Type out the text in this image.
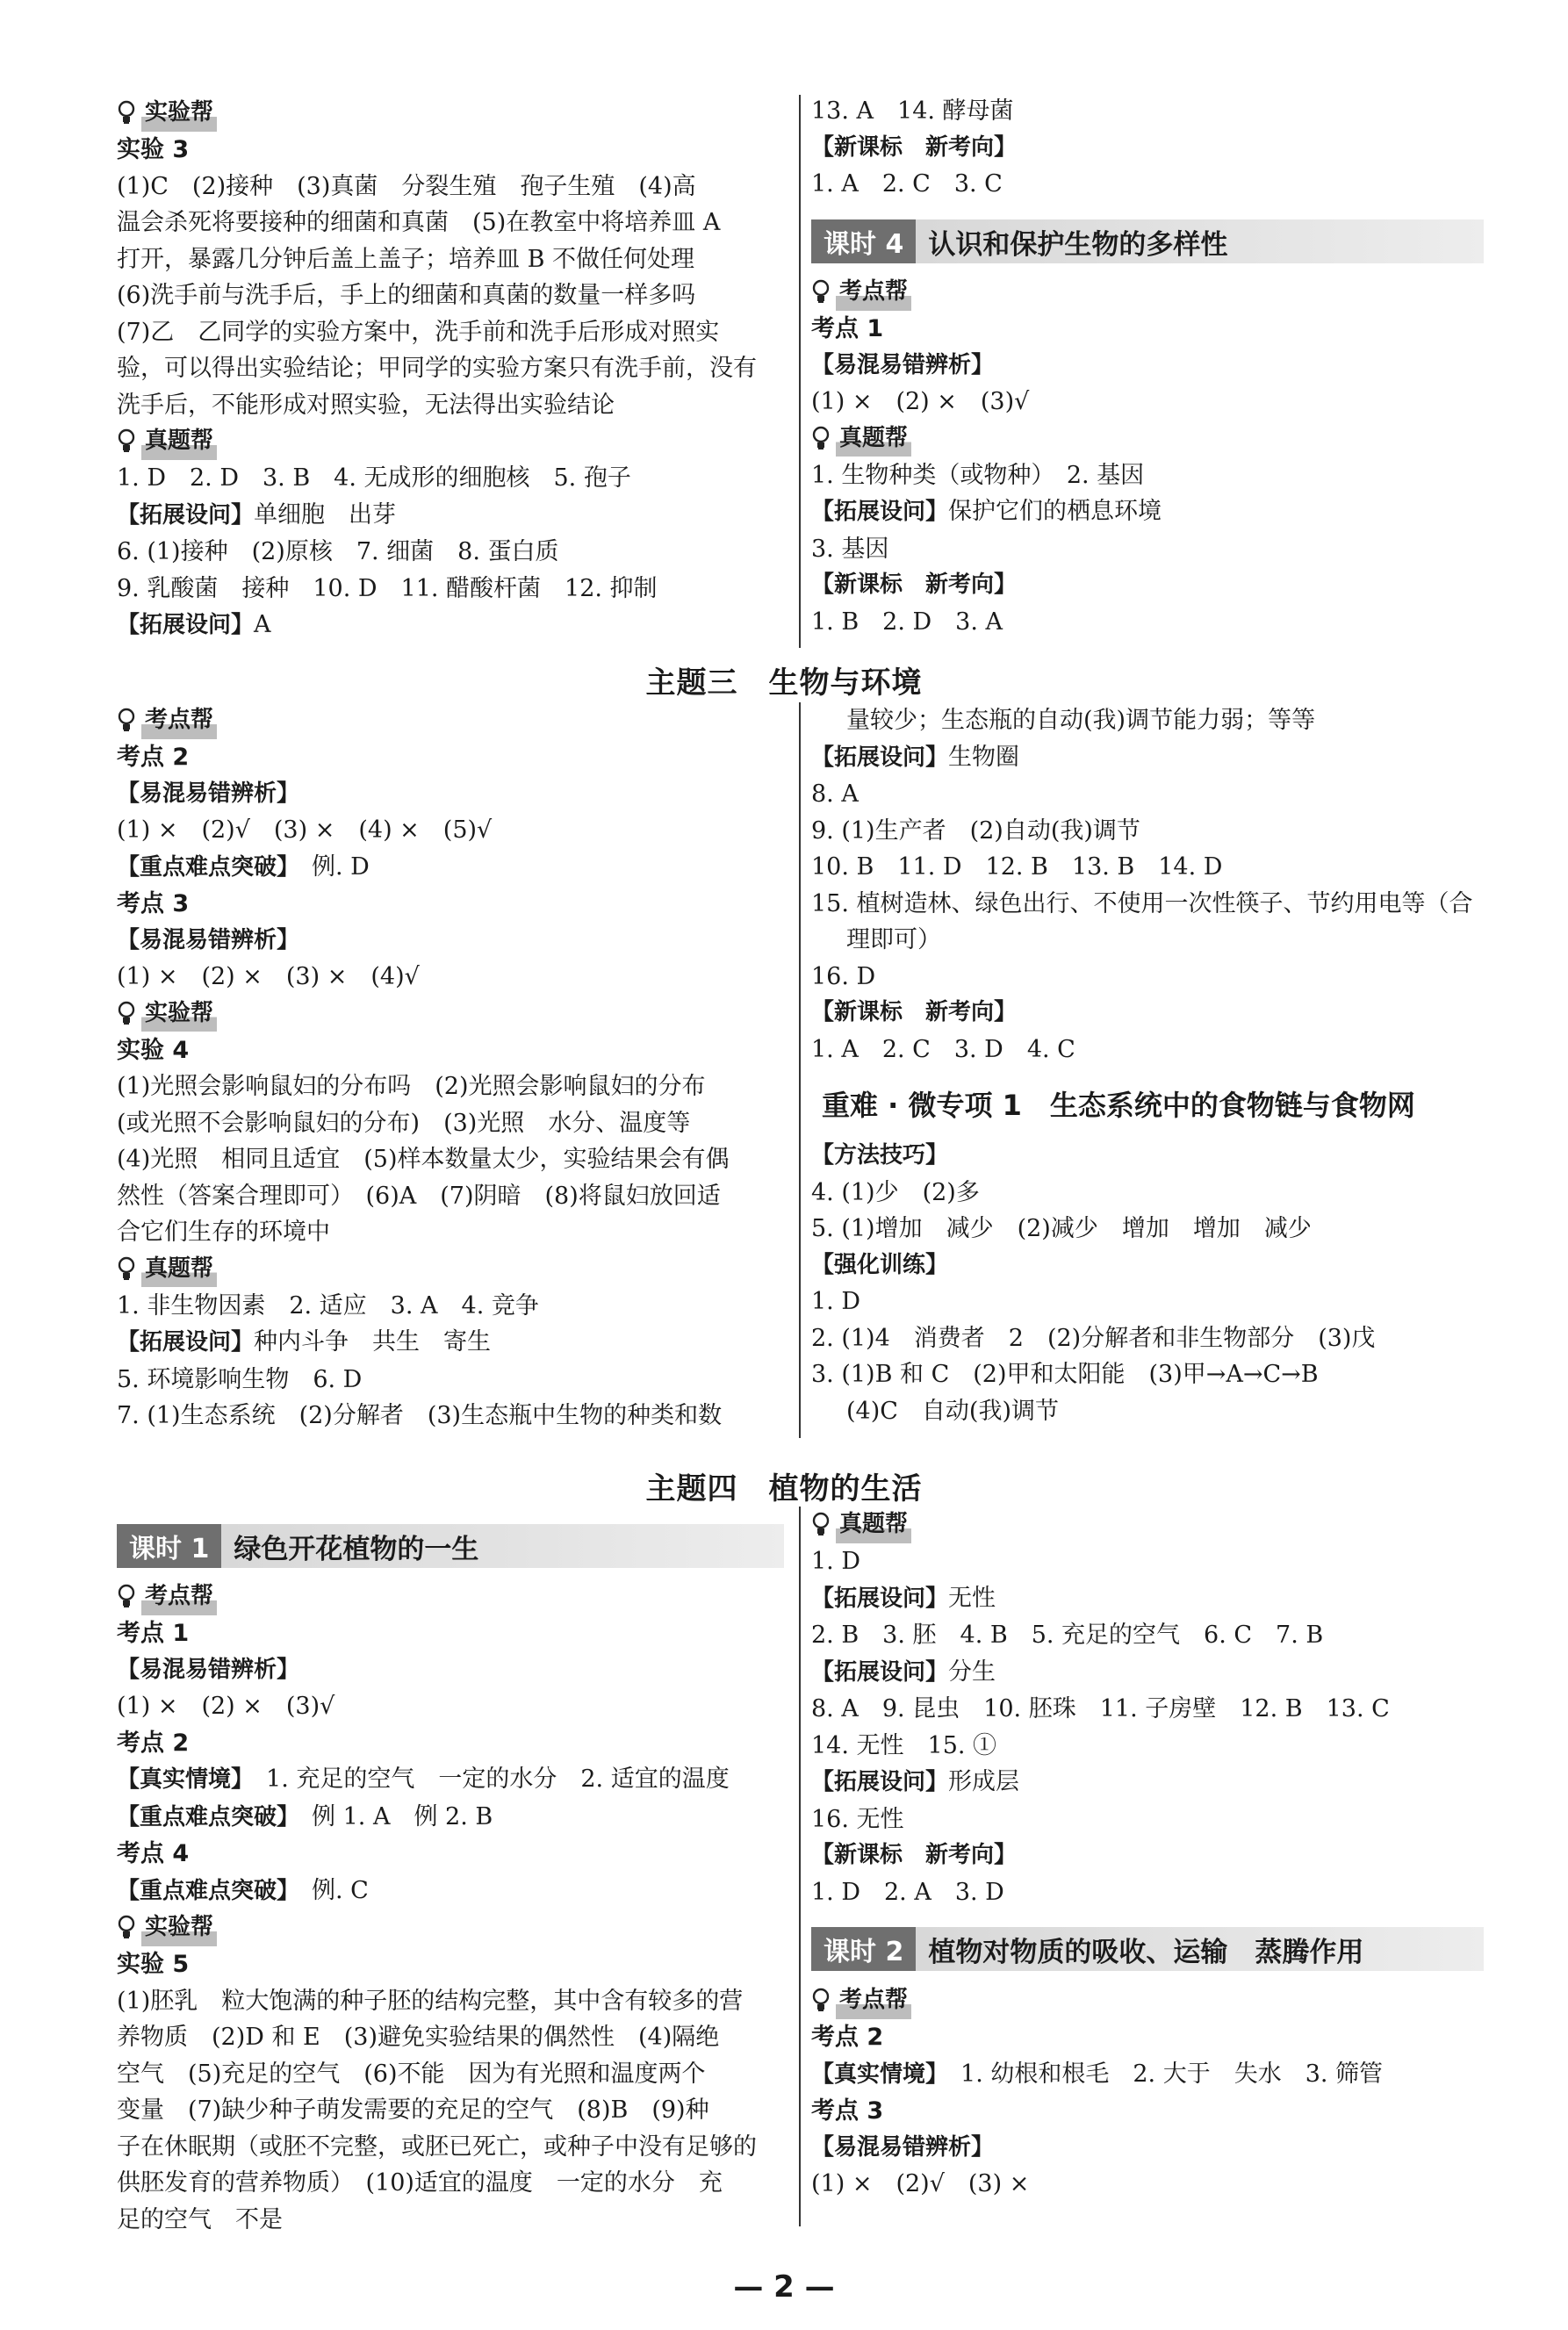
实验帮
实验 3
(1)C　(2)接种　(3)真菌　分裂生殖　孢子生殖　(4)高
温会杀死将要接种的细菌和真菌　(5)在教室中将培养皿 A
打开，暴露几分钟后盖上盖子；培养皿 B 不做任何处理
(6)洗手前与洗手后，手上的细菌和真菌的数量一样多吗
(7)乙　乙同学的实验方案中，洗手前和洗手后形成对照实
验，可以得出实验结论；甲同学的实验方案只有洗手前，没有
洗手后，不能形成对照实验，无法得出实验结论
真题帮
1. D　2. D　3. B　4. 无成形的细胞核　5. 孢子
【拓展设问】单细胞　出芽
6. (1)接种　(2)原核　7. 细菌　8. 蛋白质
9. 乳酸菌　接种　10. D　11. 醋酸杆菌　12. 抑制
【拓展设问】A
13. A　14. 酵母菌
【新课标　新考向】
1. A　2. C　3. C
课时 4 认识和保护生物的多样性
考点帮
考点 1
【易混易错辨析】
(1) ×　(2) ×　(3)√
真题帮
1. 生物种类（或物种）　2. 基因
【拓展设问】保护它们的栖息环境
3. 基因
【新课标　新考向】
1. B　2. D　3. A
主题三　生物与环境
考点帮
考点 2
【易混易错辨析】
(1) ×　(2)√　(3) ×　(4) ×　(5)√
【重点难点突破】　 例. D
考点 3
【易混易错辨析】
(1) ×　(2) ×　(3) ×　(4)√
实验帮
实验 4
(1)光照会影响鼠妇的分布吗　(2)光照会影响鼠妇的分布
(或光照不会影响鼠妇的分布)　(3)光照　水分、温度等
(4)光照　相同且适宜　(5)样本数量太少，实验结果会有偶
然性（答案合理即可）　(6)A　(7)阴暗　(8)将鼠妇放回适
合它们生存的环境中
真题帮
1. 非生物因素　2. 适应　3. A　4. 竞争
【拓展设问】种内斗争　共生　寄生
5. 环境影响生物　6. D
7. (1)生态系统　(2)分解者　(3)生态瓶中生物的种类和数
量较少；生态瓶的自动(我)调节能力弱；等等
【拓展设问】生物圈
8. A
9. (1)生产者　(2)自动(我)调节
10. B　11. D　12. B　13. B　14. D
15. 植树造林、绿色出行、不使用一次性筷子、节约用电等（合
理即可）
16. D
【新课标　新考向】
1. A　2. C　3. D　4. C
重难 · 微专项 1　生态系统中的食物链与食物网
【方法技巧】
4. (1)少　(2)多
5. (1)增加　减少　(2)减少　增加　增加　减少
【强化训练】
1. D
2. (1)4　消费者　2　(2)分解者和非生物部分　(3)戊
3. (1)B 和 C　(2)甲和太阳能　(3)甲→A→C→B
(4)C　自动(我)调节
主题四　植物的生活
课时 1 绿色开花植物的一生
考点帮
考点 1
【易混易错辨析】
(1) ×　(2) ×　(3)√
考点 2
【真实情境】　 1. 充足的空气　一定的水分　2. 适宜的温度
【重点难点突破】　 例 1. A　例 2. B
考点 4
【重点难点突破】　 例. C
实验帮
实验 5
(1)胚乳　粒大饱满的种子胚的结构完整，其中含有较多的营
养物质　(2)D 和 E　(3)避免实验结果的偶然性　(4)隔绝
空气　(5)充足的空气　(6)不能　因为有光照和温度两个
变量　(7)缺少种子萌发需要的充足的空气　(8)B　(9)种
子在休眠期（或胚不完整，或胚已死亡，或种子中没有足够的
供胚发育的营养物质）　(10)适宜的温度　一定的水分　充
足的空气　不是
真题帮
1. D
【拓展设问】无性
2. B　3. 胚　4. B　5. 充足的空气　6. C　7. B
【拓展设问】分生
8. A　9. 昆虫　10. 胚珠　11. 子房壁　12. B　13. C
14. 无性　15. ①
【拓展设问】形成层
16. 无性
【新课标　新考向】
1. D　2. A　3. D
课时 2 植物对物质的吸收、运输　蒸腾作用
考点帮
考点 2
【真实情境】　 1. 幼根和根毛　2. 大于　失水　3. 筛管
考点 3
【易混易错辨析】
(1) ×　(2)√　(3) ×
— 2 —
